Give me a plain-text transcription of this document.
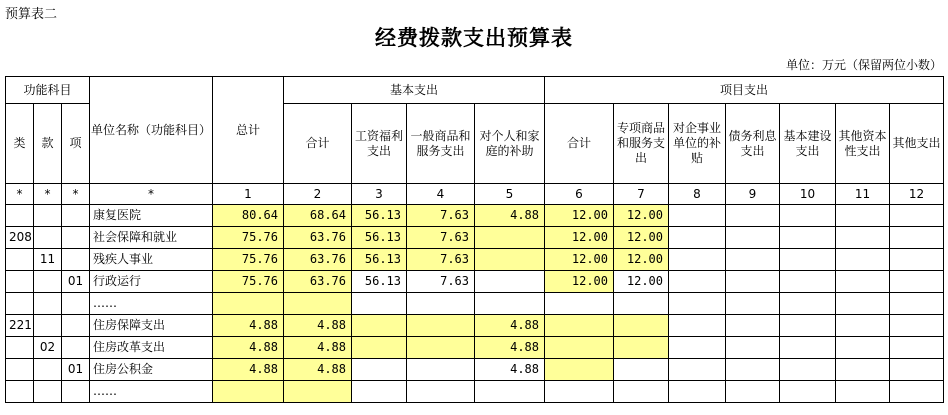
预算表二
经费拨款支出预算表
单位：万元（保留两位小数）
功能科目			单位名称（功能科目）	总计	基本支出				项目支出						
类	款	项			合计	工资福利支出	一般商品和服务支出	对个人和家庭的补助	合计	专项商品和服务支出	对企事业单位的补贴	债务利息支出	基本建设支出	其他资本性支出	其他支出
*	*	*	*	1	2	3	4	5	6	7	8	9	10	11	12
			康复医院	80.64	68.64	56.13	7.63	4.88	12.00	12.00					
208			社会保障和就业	75.76	63.76	56.13	7.63		12.00	12.00					
	11		残疾人事业	75.76	63.76	56.13	7.63		12.00	12.00					
		01	行政运行	75.76	63.76	56.13	7.63		12.00	12.00					
			……												
221			住房保障支出	4.88	4.88			4.88							
	02		住房改革支出	4.88	4.88			4.88							
		01	住房公积金	4.88	4.88			4.88							
			……												
